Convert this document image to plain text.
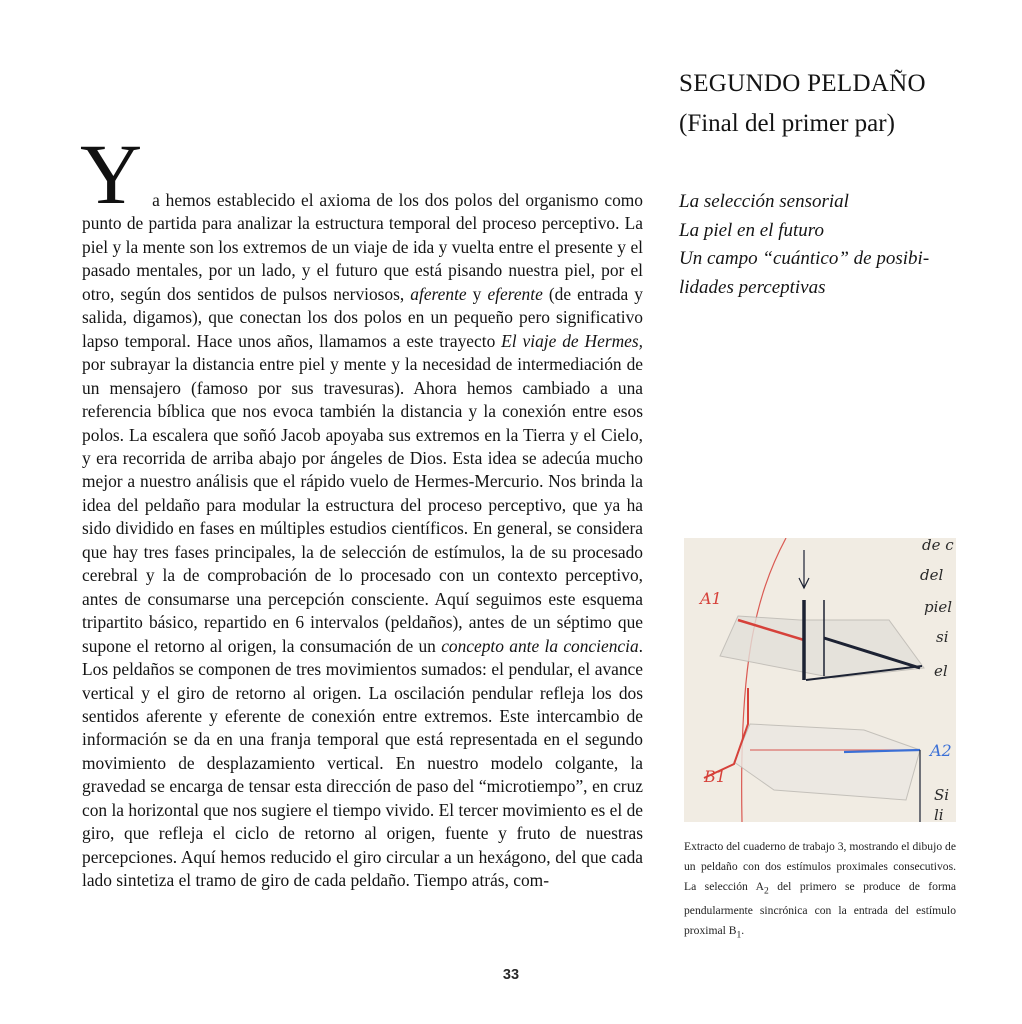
Y a hemos establecido el axioma de los dos polos del organismo como punto de partida para analizar la estructura temporal del proceso perceptivo. La piel y la mente son los extremos de un viaje de ida y vuelta entre el presente y el pasado mentales, por un lado, y el futuro que está pisando nuestra piel, por el otro, según dos sentidos de pulsos nerviosos, aferente y eferente (de entrada y salida, digamos), que conectan los dos polos en un pequeño pero significativo lapso temporal. Hace unos años, llamamos a este trayecto El viaje de Hermes, por subrayar la distancia entre piel y mente y la necesidad de intermediación de un mensajero (famoso por sus travesuras). Ahora hemos cambiado a una referencia bíblica que nos evoca también la distancia y la conexión entre esos polos. La escalera que soñó Jacob apoyaba sus extremos en la Tierra y el Cielo, y era recorrida de arriba abajo por ángeles de Dios. Esta idea se adecúa mucho mejor a nuestro análisis que el rápido vuelo de Hermes-Mercurio. Nos brinda la idea del peldaño para modular la estructura del proceso perceptivo, que ya ha sido dividido en fases en múltiples estudios científicos. En general, se considera que hay tres fases principales, la de selección de estímulos, la de su procesado cerebral y la de comprobación de lo procesado con un contexto perceptivo, antes de consumarse una percepción consciente. Aquí seguimos este esquema tripartito básico, repartido en 6 intervalos (peldaños), antes de un séptimo que supone el retorno al origen, la consumación de un concepto ante la conciencia. Los peldaños se componen de tres movimientos sumados: el pendular, el avance vertical y el giro de retorno al origen. La oscilación pendular refleja los dos sentidos aferente y eferente de conexión entre extremos. Este intercambio de información se da en una franja temporal que está representada en el segundo movimiento de desplazamiento vertical. En nuestro modelo colgante, la gravedad se encarga de tensar esta dirección de paso del “microtiempo”, en cruz con la horizontal que nos sugiere el tiempo vivido. El tercer movimiento es el de giro, que refleja el ciclo de retorno al origen, fuente y fruto de nuestras percepciones. Aquí hemos reducido el giro circular a un hexágono, del que cada lado sintetiza el tramo de giro de cada peldaño. Tiempo atrás, com-

SEGUNDO PELDAÑO
(Final del primer par)
La selección sensorial
La piel en el futuro
Un campo “cuántico” de posibi-lidades perceptivas
A1
A2
B1
de c
del
piel
si
el
Si
li

Extracto del cuaderno de trabajo 3, mostrando el dibujo de un peldaño con dos estímulos proximales consecutivos. La selección $A_2$ del primero se produce de forma pendularmente sincrónica con la entrada del estímulo proximal $B_1$.

33
